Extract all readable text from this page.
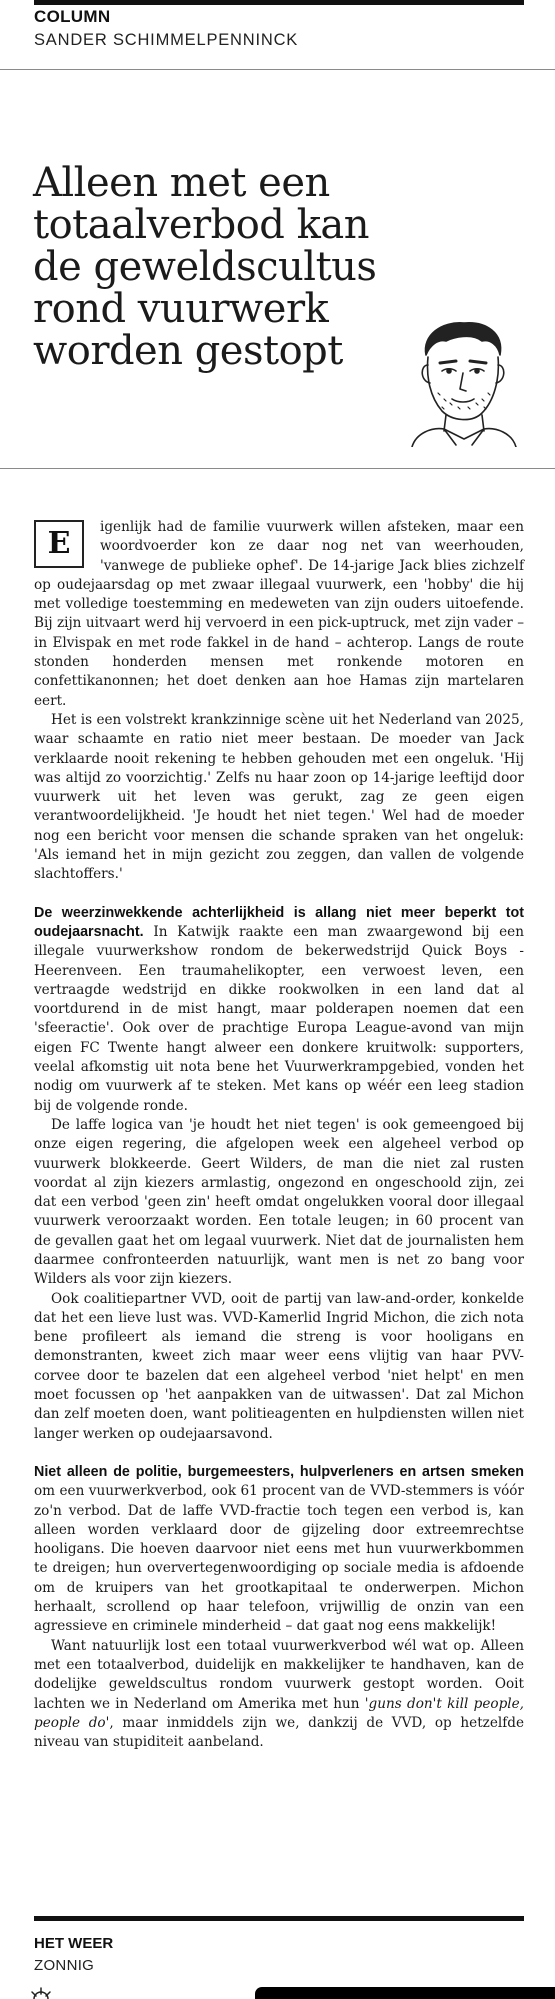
COLUMN
SANDER SCHIMMELPENNINCK
Alleen met een
totaalverbod kan
de geweldscultus
rond vuurwerk
worden gestopt

E	igenlijk had de familie vuurwerk willen afsteken, maar een woordvoerder kon ze daar nog net van weerhouden, 'vanwege de publieke ophef'. De 14-jarige Jack blies zichzelf op oudejaarsdag op met zwaar illegaal vuurwerk, een 'hobby' die hij met volledige toestemming en medeweten van zijn ouders uitoefende. Bij zijn uitvaart werd hij vervoerd in een pick-uptruck, met zijn vader – in Elvispak en met rode fakkel in de hand – achterop. Langs de route stonden honderden mensen met ronkende motoren en confettikanonnen; het doet denken aan hoe Hamas zijn martelaren eert.

Het is een volstrekt krankzinnige scène uit het Nederland van 2025, waar schaamte en ratio niet meer bestaan. De moeder van Jack verklaarde nooit rekening te hebben gehouden met een ongeluk. 'Hij was altijd zo voorzichtig.' Zelfs nu haar zoon op 14-jarige leeftijd door vuurwerk uit het leven was gerukt, zag ze geen eigen verantwoordelijkheid. 'Je houdt het niet tegen.' Wel had de moeder nog een bericht voor mensen die schande spraken van het ongeluk: 'Als iemand het in mijn gezicht zou zeggen, dan vallen de volgende slachtoffers.'

De weerzinwekkende achterlijkheid is allang niet meer beperkt tot oudejaarsnacht. In Katwijk raakte een man zwaargewond bij een illegale vuurwerkshow rondom de bekerwedstrijd Quick Boys - Heerenveen. Een traumahelikopter, een verwoest leven, een vertraagde wedstrijd en dikke rookwolken in een land dat al voortdurend in de mist hangt, maar polderapen noemen dat een 'sfeeractie'. Ook over de prachtige Europa League-avond van mijn eigen FC Twente hangt alweer een donkere kruitwolk: supporters, veelal afkomstig uit nota bene het Vuurwerkrampgebied, vonden het nodig om vuurwerk af te steken. Met kans op wéér een leeg stadion bij de volgende ronde.

De laffe logica van 'je houdt het niet tegen' is ook gemeengoed bij onze eigen regering, die afgelopen week een algeheel verbod op vuurwerk blokkeerde. Geert Wilders, de man die niet zal rusten voordat al zijn kiezers armlastig, ongezond en ongeschoold zijn, zei dat een verbod 'geen zin' heeft omdat ongelukken vooral door illegaal vuurwerk veroorzaakt worden. Een totale leugen; in 60 procent van de gevallen gaat het om legaal vuurwerk. Niet dat de journalisten hem daarmee confronteerden natuurlijk, want men is net zo bang voor Wilders als voor zijn kiezers.

Ook coalitiepartner VVD, ooit de partij van law-and-order, konkelde dat het een lieve lust was. VVD-Kamerlid Ingrid Michon, die zich nota bene profileert als iemand die streng is voor hooligans en demonstranten, kweet zich maar weer eens vlijtig van haar PVV-corvee door te bazelen dat een algeheel verbod 'niet helpt' en men moet focussen op 'het aanpakken van de uitwassen'. Dat zal Michon dan zelf moeten doen, want politieagenten en hulpdiensten willen niet langer werken op oudejaarsavond.

Niet alleen de politie, burgemeesters, hulpverleners en artsen smeken om een vuurwerkverbod, ook 61 procent van de VVD-stemmers is vóór zo'n verbod. Dat de laffe VVD-fractie toch tegen een verbod is, kan alleen worden verklaard door de gijzeling door extreemrechtse hooligans. Die hoeven daarvoor niet eens met hun vuurwerkbommen te dreigen; hun oververtegenwoordiging op sociale media is afdoende om de kruipers van het grootkapitaal te onderwerpen. Michon herhaalt, scrollend op haar telefoon, vrijwillig de onzin van een agressieve en criminele minderheid – dat gaat nog eens makkelijk!

Want natuurlijk lost een totaal vuurwerkverbod wél wat op. Alleen met een totaalverbod, duidelijk en makkelijker te handhaven, kan de dodelijke geweldscultus rondom vuurwerk gestopt worden. Ooit lachten we in Nederland om Amerika met hun 'guns don't kill people, people do', maar inmiddels zijn we, dankzij de VVD, op hetzelfde niveau van stupiditeit aanbeland.

HET WEER
ZONNIG
